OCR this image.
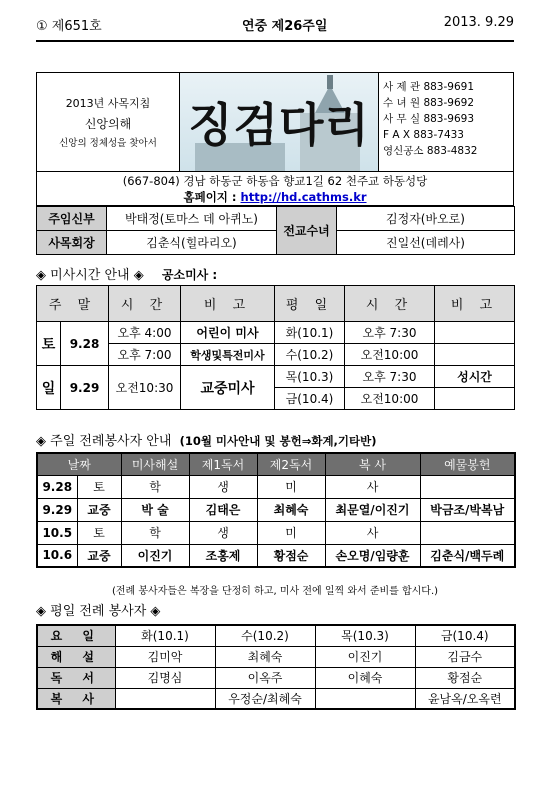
① 제651호	연중 제26주일	2013. 9.29
2013년 사목지침
신앙의해
신앙의 정체성을 찾아서 징검다리
사 제 관 883-9691
수 녀 원 883-9692
사 무 실 883-9693
F A X 883-7433
영신공소 883-4832
(667-804) 경남 하동군 하동읍 향교1길 62 천주교 하동성당
홈페이지 : http://hd.cathms.kr
주임신부	박태정(토마스 데 아퀴노)	전교수녀	김정자(바오로)
사목회장	김춘식(힐라리오)		진일선(데레사)
◈ 미사시간 안내 ◈ 공소미사 :
주 말		시 간	비 고	평 일	시 간	비 고
토	9.28	오후 4:00	어린이 미사	화(10.1)	오후 7:30	
		오후 7:00	학생및특전미사	수(10.2)	오전10:00	
일	9.29	오전10:30	교중미사	목(10.3)	오후 7:30	성시간
				금(10.4)	오전10:00	
◈ 주일 전례봉사자 안내 (10월 미사안내 및 봉헌⇒화계,기타반)
날짜		미사해설	제1독서	제2독서	복 사	예물봉헌
9.28	토	학	생	미	사	
9.29	교중	박 술	김태은	최혜숙	최문열/이진기	박금조/박복남
10.5	토	학	생	미	사	
10.6	교중	이진기	조홍제	황점순	손오명/임량훈	김춘식/백두례
(전례 봉사자들은 복장을 단정히 하고, 미사 전에 일찍 와서 준비를 합시다.)
◈ 평일 전례 봉사자 ◈
요 일	화(10.1)	수(10.2)	목(10.3)	금(10.4)
해 설	김미악	최혜숙	이진기	김금수
독 서	김명심	이옥주	이혜숙	황점순
복 사		우정순/최혜숙		윤남옥/오옥련
